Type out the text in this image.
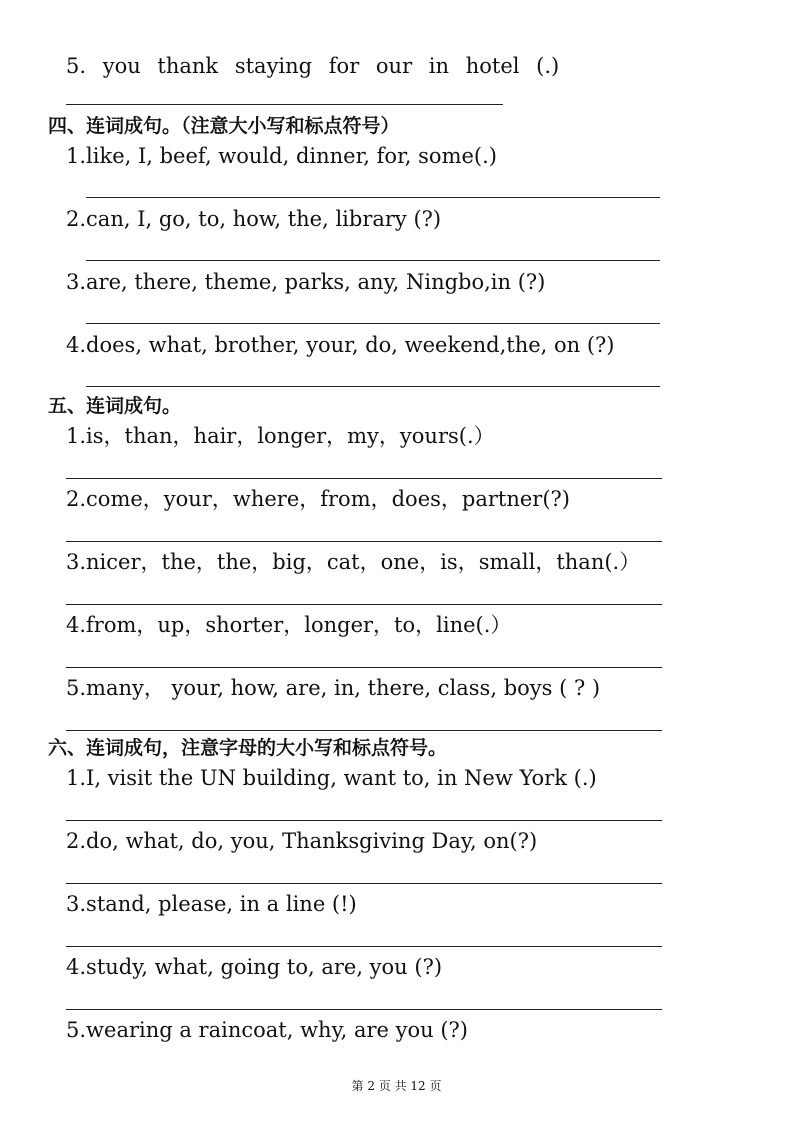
5. you thank staying for our in hotel (.)
四、连词成句。（注意大小写和标点符号）
1.like, I, beef, would, dinner, for, some(.)
2.can, I, go, to, how, the, library (?)
3.are, there, theme, parks, any, Ningbo,in (?)
4.does, what, brother, your, do, weekend,the, on (?)
五、连词成句。
1.is，than，hair，longer，my，yours(.）
2.come，your，where，from，does，partner(?)
3.nicer，the，the，big，cat，one，is，small，than(.）
4.from，up，shorter，longer，to，line(.）
5.many， your, how, are, in, there, class, boys ( ? )
六、连词成句，注意字母的大小写和标点符号。
1.I, visit the UN building, want to, in New York (.)
2.do, what, do, you, Thanksgiving Day, on(?)
3.stand, please, in a line (!)
4.study, what, going to, are, you (?)
5.wearing a raincoat, why, are you (?)
第 2 页 共 12 页
